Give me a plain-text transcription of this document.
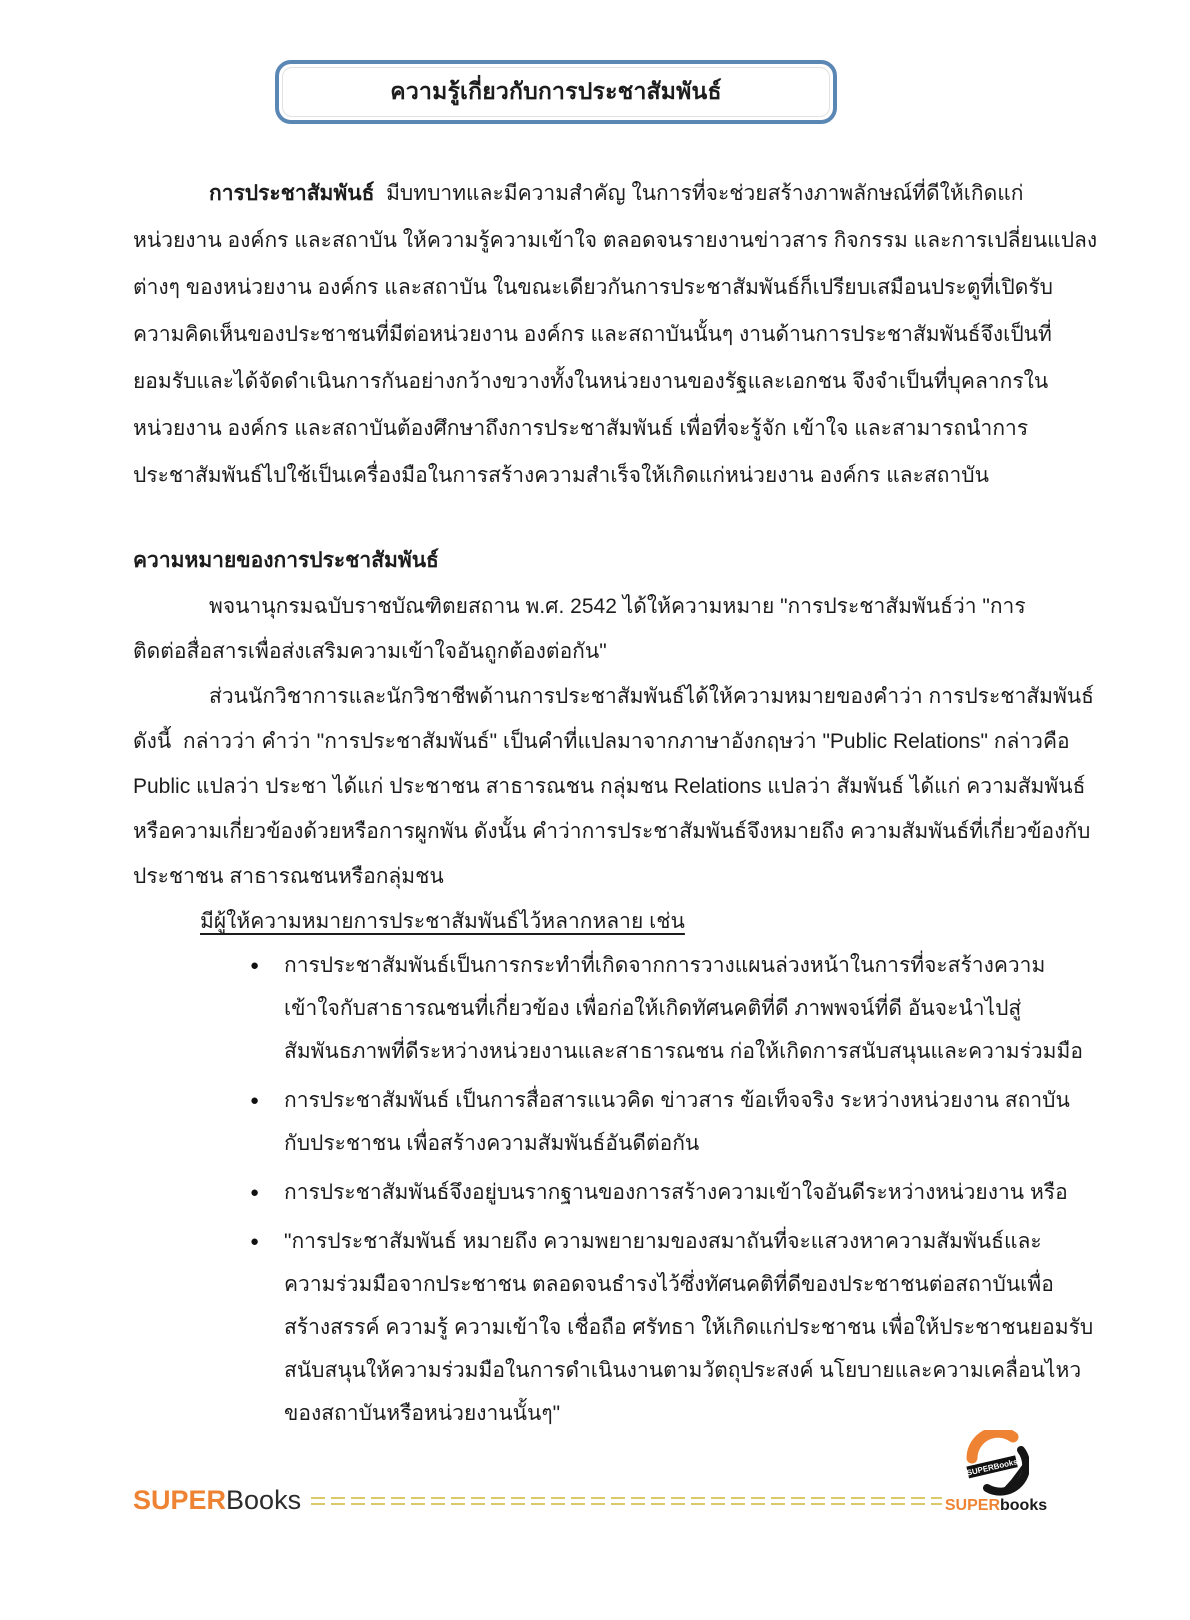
ความรู้เกี่ยวกับการประชาสัมพันธ์
การประชาสัมพันธ์ มีบทบาทและมีความสำคัญ ในการที่จะช่วยสร้างภาพลักษณ์ที่ดีให้เกิดแก่
หน่วยงาน องค์กร และสถาบัน ให้ความรู้ความเข้าใจ ตลอดจนรายงานข่าวสาร กิจกรรม และการเปลี่ยนแปลง
ต่างๆ ของหน่วยงาน องค์กร และสถาบัน ในขณะเดียวกันการประชาสัมพันธ์ก็เปรียบเสมือนประตูที่เปิดรับ
ความคิดเห็นของประชาชนที่มีต่อหน่วยงาน องค์กร และสถาบันนั้นๆ งานด้านการประชาสัมพันธ์จึงเป็นที่
ยอมรับและได้จัดดำเนินการกันอย่างกว้างขวางทั้งในหน่วยงานของรัฐและเอกชน จึงจำเป็นที่บุคลากรใน
หน่วยงาน องค์กร และสถาบันต้องศึกษาถึงการประชาสัมพันธ์ เพื่อที่จะรู้จัก เข้าใจ และสามารถนำการ
ประชาสัมพันธ์ไปใช้เป็นเครื่องมือในการสร้างความสำเร็จให้เกิดแก่หน่วยงาน องค์กร และสถาบัน
ความหมายของการประชาสัมพันธ์
พจนานุกรมฉบับราชบัณฑิตยสถาน พ.ศ. 2542 ได้ให้ความหมาย "การประชาสัมพันธ์ว่า "การ
ติดต่อสื่อสารเพื่อส่งเสริมความเข้าใจอันถูกต้องต่อกัน"
ส่วนนักวิชาการและนักวิชาชีพด้านการประชาสัมพันธ์ได้ให้ความหมายของคำว่า การประชาสัมพันธ์
ดังนี้  กล่าวว่า คำว่า "การประชาสัมพันธ์" เป็นคำที่แปลมาจากภาษาอังกฤษว่า "Public Relations" กล่าวคือ
Public แปลว่า ประชา ได้แก่ ประชาชน สาธารณชน กลุ่มชน Relations แปลว่า สัมพันธ์ ได้แก่ ความสัมพันธ์
หรือความเกี่ยวข้องด้วยหรือการผูกพัน ดังนั้น คำว่าการประชาสัมพันธ์จึงหมายถึง ความสัมพันธ์ที่เกี่ยวข้องกับ
ประชาชน สาธารณชนหรือกลุ่มชน
มีผู้ให้ความหมายการประชาสัมพันธ์ไว้หลากหลาย เช่น
●	การประชาสัมพันธ์เป็นการกระทำที่เกิดจากการวางแผนล่วงหน้าในการที่จะสร้างความ
เข้าใจกับสาธารณชนที่เกี่ยวข้อง เพื่อก่อให้เกิดทัศนคติที่ดี ภาพพจน์ที่ดี อันจะนำไปสู่
สัมพันธภาพที่ดีระหว่างหน่วยงานและสาธารณชน ก่อให้เกิดการสนับสนุนและความร่วมมือ
●	การประชาสัมพันธ์ เป็นการสื่อสารแนวคิด ข่าวสาร ข้อเท็จจริง ระหว่างหน่วยงาน สถาบัน
กับประชาชน เพื่อสร้างความสัมพันธ์อันดีต่อกัน
●	การประชาสัมพันธ์จึงอยู่บนรากฐานของการสร้างความเข้าใจอันดีระหว่างหน่วยงาน หรือ
●	"การประชาสัมพันธ์ หมายถึง ความพยายามของสมาถันที่จะแสวงหาความสัมพันธ์และ
ความร่วมมือจากประชาชน ตลอดจนธำรงไว้ซึ่งทัศนคติที่ดีของประชาชนต่อสถาบันเพื่อ
สร้างสรรค์ ความรู้ ความเข้าใจ เชื่อถือ ศรัทธา ให้เกิดแก่ประชาชน เพื่อให้ประชาชนยอมรับ
สนับสนุนให้ความร่วมมือในการดำเนินงานตามวัตถุประสงค์ นโยบายและความเคลื่อนไหว
ของสถาบันหรือหน่วยงานนั้นๆ"
SUPERBooks
SUPERBooks
SUPERbooks
